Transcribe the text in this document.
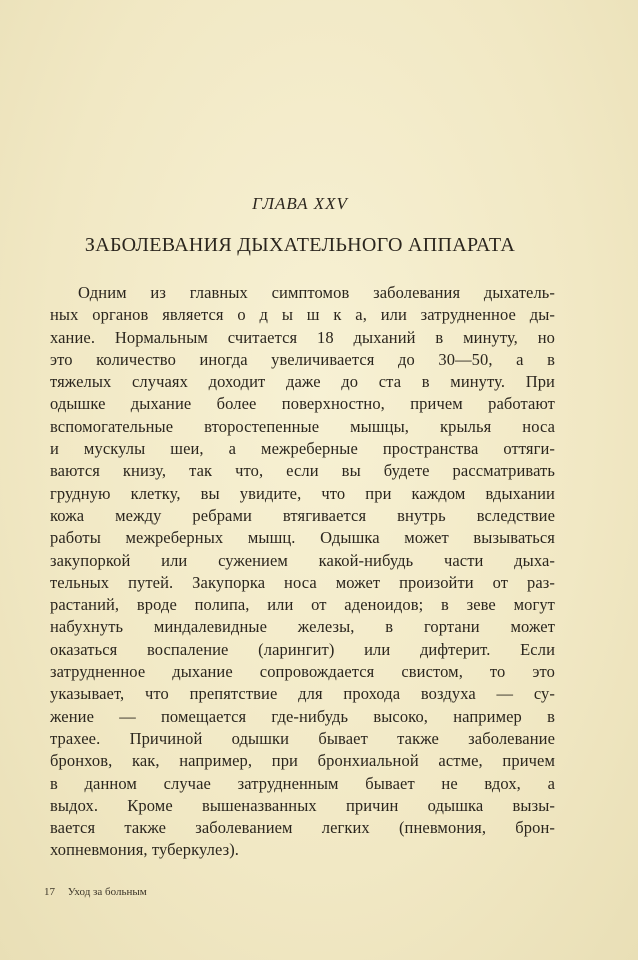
ГЛАВА XXV
ЗАБОЛЕВАНИЯ ДЫХАТЕЛЬНОГО АППАРАТА
Одним из главных симптомов заболевания дыхатель-
ных органов является о д ы ш к а, или затрудненное ды-
хание. Нормальным считается 18 дыханий в минуту, но
это количество иногда увеличивается до 30—50, а в
тяжелых случаях доходит даже до ста в минуту. При
одышке дыхание более поверхностно, причем работают
вспомогательные второстепенные мышцы, крылья носа
и мускулы шеи, а межреберные пространства оттяги-
ваются книзу, так что, если вы будете рассматривать
грудную клетку, вы увидите, что при каждом вдыхании
кожа между ребрами втягивается внутрь вследствие
работы межреберных мышц. Одышка может вызываться
закупоркой или сужением какой-нибудь части дыха-
тельных путей. Закупорка носа может произойти от раз-
растаний, вроде полипа, или от аденоидов; в зеве могут
набухнуть миндалевидные железы, в гортани может
оказаться воспаление (ларингит) или дифтерит. Если
затрудненное дыхание сопровождается свистом, то это
указывает, что препятствие для прохода воздуха — су-
жение — помещается где-нибудь высоко, например в
трахее. Причиной одышки бывает также заболевание
бронхов, как, например, при бронхиальной астме, причем
в данном случае затрудненным бывает не вдох, а
выдох. Кроме вышеназванных причин одышка вызы-
вается также заболеванием легких (пневмония, брон-
хопневмония, туберкулез).
17 Уход за больным
